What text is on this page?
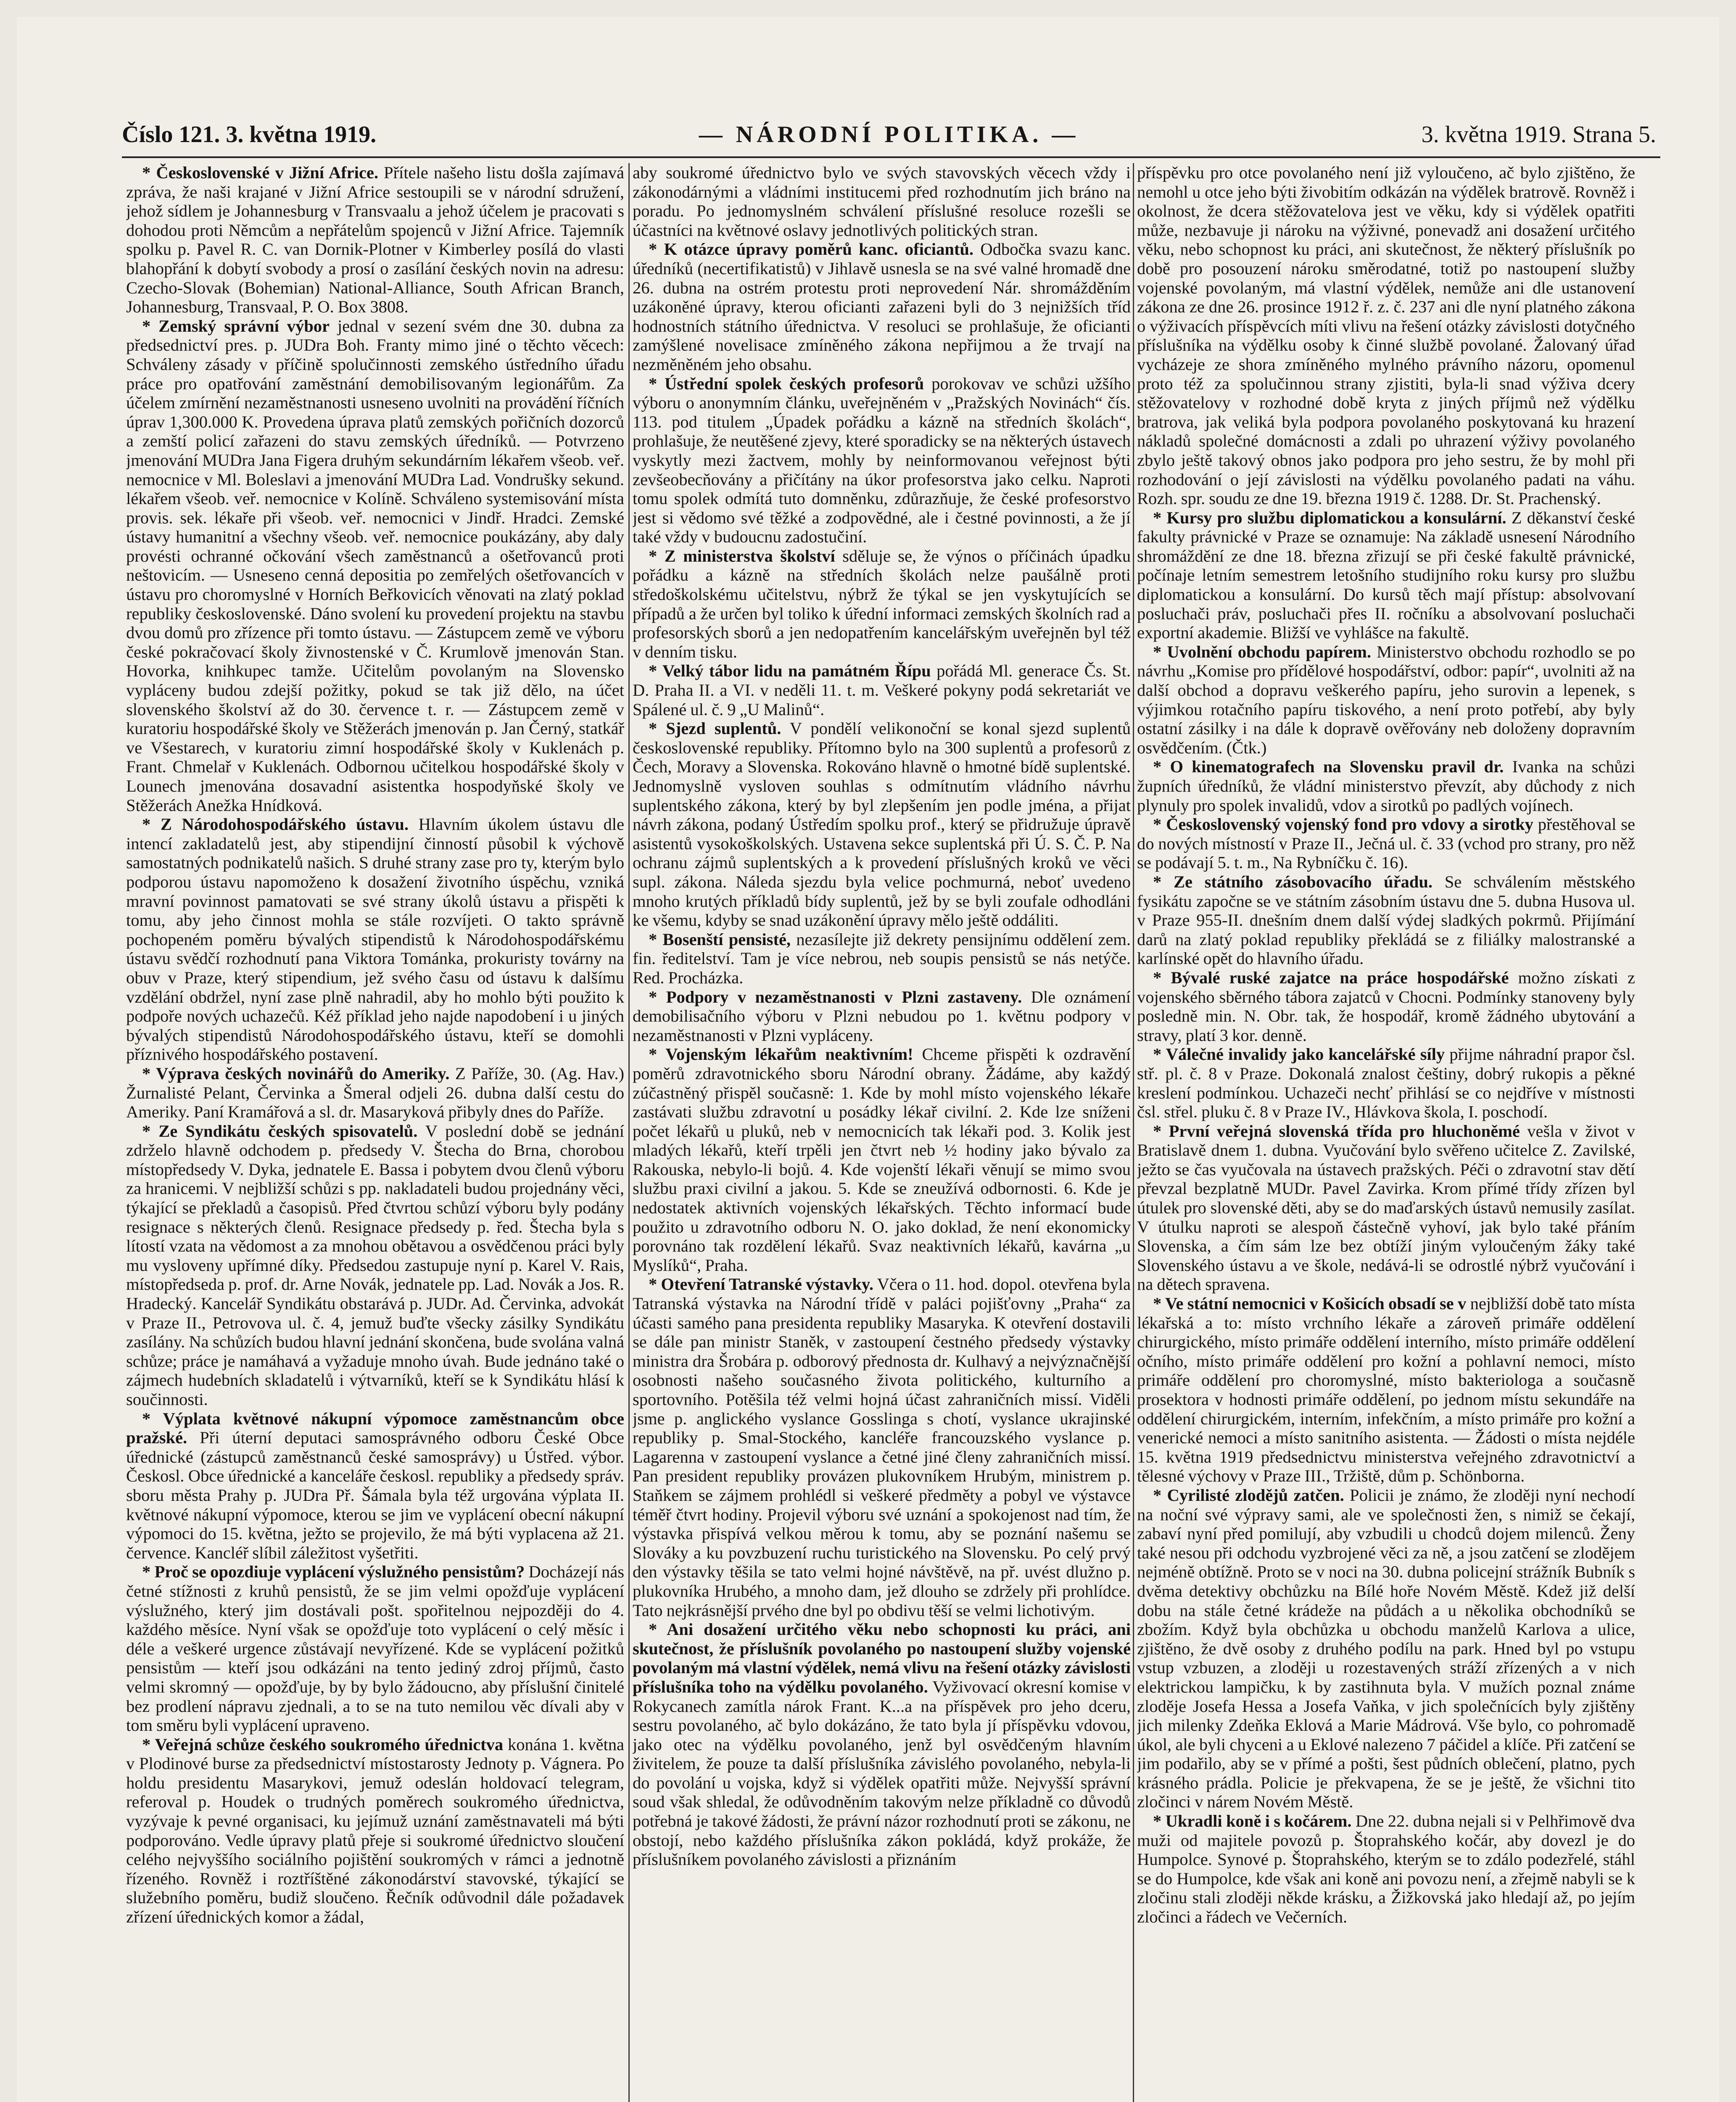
Číslo 121. 3. května 1919.	— NÁRODNÍ POLITIKA. —	3. května 1919. Strana 5.

* Československé v Jižní Africe. Přítele našeho listu došla zajímavá zpráva, že naši krajané v Jižní Africe sestoupili se v národní sdružení, jehož sídlem je Johannesburg v Transvaalu a jehož účelem je pracovati s dohodou proti Němcům a nepřátelům spojenců v Jižní Africe. Tajemník spolku p. Pavel R. C. van Dornik-Plotner v Kimberley posílá do vlasti blahopřání k dobytí svobody a prosí o zasílání českých novin na adresu: Czecho-Slovak (Bohemian) National-Alliance, South African Branch, Johannesburg, Transvaal, P. O. Box 3808.

* Zemský správní výbor jednal v sezení svém dne 30. dubna za předsednictví pres. p. JUDra Boh. Franty mimo jiné o těchto věcech: Schváleny zásady v příčině spolučinnosti zemského ústředního úřadu práce pro opatřování zaměstnání demobilisovaným legionářům. Za účelem zmírnění nezaměstnanosti usneseno uvolniti na provádění říčních úprav 1,300.000 K. Provedena úprava platů zemských pořičních dozorců a zemští policí zařazeni do stavu zemských úředníků. — Potvrzeno jmenování MUDra Jana Figera druhým sekundárním lékařem všeob. veř. nemocnice v Ml. Boleslavi a jmenování MUDra Lad. Vondrušky sekund. lékařem všeob. veř. nemocnice v Kolíně. Schváleno systemisování místa provis. sek. lékaře při všeob. veř. nemocnici v Jindř. Hradci. Zemské ústavy humanitní a všechny všeob. veř. nemocnice poukázány, aby daly provésti ochranné očkování všech zaměstnanců a ošetřovanců proti neštovicím. — Usneseno cenná depositia po zemřelých ošetřovancích v ústavu pro choromyslné v Horních Beřkovicích věnovati na zlatý poklad republiky československé. Dáno svolení ku provedení projektu na stavbu dvou domů pro zřízence při tomto ústavu. — Zástupcem země ve výboru české pokračovací školy živnostenské v Č. Krumlově jmenován Stan. Hovorka, knihkupec tamže. Učitelům povolaným na Slovensko vypláceny budou zdejší požitky, pokud se tak již dělo, na účet slovenského školství až do 30. července t. r. — Zástupcem země v kuratoriu hospodářské školy ve Stěžerách jmenován p. Jan Černý, statkář ve Všestarech, v kuratoriu zimní hospodářské školy v Kuklenách p. Frant. Chmelař v Kuklenách. Odbornou učitelkou hospodářské školy v Lounech jmenována dosavadní asistentka hospodyňské školy ve Stěžerách Anežka Hnídková.

* Z Národohospodářského ústavu. Hlavním úkolem ústavu dle intencí zakladatelů jest, aby stipendijní činností působil k výchově samostatných podnikatelů našich. S druhé strany zase pro ty, kterým bylo podporou ústavu napomoženo k dosažení životního úspěchu, vzniká mravní povinnost pamatovati se své strany úkolů ústavu a přispěti k tomu, aby jeho činnost mohla se stále rozvíjeti. O takto správně pochopeném poměru bývalých stipendistů k Národohospodářskému ústavu svědčí rozhodnutí pana Viktora Tománka, prokuristy továrny na obuv v Praze, který stipendium, jež svého času od ústavu k dalšímu vzdělání obdržel, nyní zase plně nahradil, aby ho mohlo býti použito k podpoře nových uchazečů. Kéž příklad jeho najde napodobení i u jiných bývalých stipendistů Národohospodářského ústavu, kteří se domohli příznivého hospodářského postavení.

* Výprava českých novinářů do Ameriky. Z Paříže, 30. (Ag. Hav.) Žurnalisté Pelant, Červinka a Šmeral odjeli 26. dubna další cestu do Ameriky. Paní Kramářová a sl. dr. Masaryková přibyly dnes do Paříže.

* Ze Syndikátu českých spisovatelů. V poslední době se jednání zdrželo hlavně odchodem p. předsedy V. Štecha do Brna, chorobou místopředsedy V. Dyka, jednatele E. Bassa i pobytem dvou členů výboru za hranicemi. V nejbližší schůzi s pp. nakladateli budou projednány věci, týkající se překladů a časopisů. Před čtvrtou schůzí výboru byly podány resignace s některých členů. Resignace předsedy p. řed. Štecha byla s lítostí vzata na vědomost a za mnohou obětavou a osvědčenou práci byly mu vysloveny upřímné díky. Předsedou zastupuje nyní p. Karel V. Rais, místopředseda p. prof. dr. Arne Novák, jednatele pp. Lad. Novák a Jos. R. Hradecký. Kancelář Syndikátu obstarává p. JUDr. Ad. Červinka, advokát v Praze II., Petrovova ul. č. 4, jemuž buďte všecky zásilky Syndikátu zasílány. Na schůzích budou hlavní jednání skončena, bude svolána valná schůze; práce je namáhavá a vyžaduje mnoho úvah. Bude jednáno také o zájmech hudebních skladatelů i výtvarníků, kteří se k Syndikátu hlásí k součinnosti.

* Výplata květnové nákupní výpomoce zaměstnancům obce pražské. Při úterní deputaci samosprávného odboru České Obce úřednické (zástupců zaměstnanců české samosprávy) u Ústřed. výbor. Českosl. Obce úřednické a kanceláře českosl. republiky a předsedy správ. sboru města Prahy p. JUDra Př. Šámala byla též urgována výplata II. květnové nákupní výpomoce, kterou se jim ve vyplácení obecní nákupní výpomoci do 15. května, ježto se projevilo, že má býti vyplacena až 21. července. Kancléř slíbil záležitost vyšetřiti.

* Proč se opozdiuje vyplácení výslužného pensistům? Docházejí nás četné stížnosti z kruhů pensistů, že se jim velmi opožďuje vyplácení výslužného, který jim dostávali pošt. spořitelnou nejpozději do 4. každého měsíce. Nyní však se opožďuje toto vyplácení o celý měsíc i déle a veškeré urgence zůstávají nevyřízené. Kde se vyplácení požitků pensistům — kteří jsou odkázáni na tento jediný zdroj příjmů, často velmi skromný — opožďuje, by by bylo žádoucno, aby příslušní činitelé bez prodlení nápravu zjednali, a to se na tuto nemilou věc dívali aby v tom směru byli vyplácení upraveno.

* Veřejná schůze českého soukromého úřednictva konána 1. května v Plodinové burse za předsednictví místostarosty Jednoty p. Vágnera. Po holdu presidentu Masarykovi, jemuž odeslán holdovací telegram, referoval p. Houdek o trudných poměrech soukromého úřednictva, vyzývaje k pevné organisaci, ku jejímuž uznání zaměstnavateli má býti podporováno. Vedle úpravy platů přeje si soukromé úřednictvo sloučení celého nejvyššího sociálního pojištění soukromých v rámci a jednotně řízeného. Rovněž i roztříštěné zákonodárství stavovské, týkající se služebního poměru, budiž sloučeno. Řečník odůvodnil dále požadavek zřízení úřednických komor a žádal,

aby soukromé úřednictvo bylo ve svých stavovských věcech vždy i zákonodárnými a vládními institucemi před rozhodnutím jich bráno na poradu. Po jednomyslném schválení příslušné resoluce rozešli se účastníci na květnové oslavy jednotlivých politických stran.

* K otázce úpravy poměrů kanc. oficiantů. Odbočka svazu kanc. úředníků (necertifikatistů) v Jihlavě usnesla se na své valné hromadě dne 26. dubna na ostrém protestu proti neprovedení Nár. shromážděním uzákoněné úpravy, kterou oficianti zařazeni byli do 3 nejnižších tříd hodnostních státního úřednictva. V resoluci se prohlašuje, že oficianti zamýšlené novelisace zmíněného zákona nepřijmou a že trvají na nezměněném jeho obsahu.

* Ústřední spolek českých profesorů porokovav ve schůzi užšího výboru o anonymním článku, uveřejněném v „Pražských Novinách“ čís. 113. pod titulem „Úpadek pořádku a kázně na středních školách“, prohlašuje, že neutěšené zjevy, které sporadicky se na některých ústavech vyskytly mezi žactvem, mohly by neinformovanou veřejnost býti zevšeobecňovány a přičítány na úkor profesorstva jako celku. Naproti tomu spolek odmítá tuto domněnku, zdůrazňuje, že české profesorstvo jest si vědomo své těžké a zodpovědné, ale i čestné povinnosti, a že jí také vždy v budoucnu zadostučiní.

* Z ministerstva školství sděluje se, že výnos o příčinách úpadku pořádku a kázně na středních školách nelze paušálně proti středoškolskému učitelstvu, nýbrž že týkal se jen vyskytujících se případů a že určen byl toliko k úřední informaci zemských školních rad a profesorských sborů a jen nedopatřením kancelářským uveřejněn byl též v denním tisku.

* Velký tábor lidu na památném Řípu pořádá Ml. generace Čs. St. D. Praha II. a VI. v neděli 11. t. m. Veškeré pokyny podá sekretariát ve Spálené ul. č. 9 „U Malinů“.

* Sjezd suplentů. V pondělí velikonoční se konal sjezd suplentů československé republiky. Přítomno bylo na 300 suplentů a profesorů z Čech, Moravy a Slovenska. Rokováno hlavně o hmotné bídě suplentské. Jednomyslně vysloven souhlas s odmítnutím vládního návrhu suplentského zákona, který by byl zlepšením jen podle jména, a přijat návrh zákona, podaný Ústředím spolku prof., který se přidružuje úpravě asistentů vysokoškolských. Ustavena sekce suplentská při Ú. S. Č. P. Na ochranu zájmů suplentských a k provedení příslušných kroků ve věci supl. zákona. Náleda sjezdu byla velice pochmurná, neboť uvedeno mnoho krutých příkladů bídy suplentů, jež by se byli zoufale odhodláni ke všemu, kdyby se snad uzákonění úpravy mělo ještě oddáliti.

* Bosenští pensisté, nezasílejte již dekrety pensijnímu oddělení zem. fin. ředitelství. Tam je více nebrou, neb soupis pensistů se nás netýče. Red. Procházka.

* Podpory v nezaměstnanosti v Plzni zastaveny. Dle oznámení demobilisačního výboru v Plzni nebudou po 1. květnu podpory v nezaměstnanosti v Plzni vypláceny.

* Vojenským lékařům neaktivním! Chceme přispěti k ozdravění poměrů zdravotnického sboru Národní obrany. Žádáme, aby každý zúčastněný přispěl současně: 1. Kde by mohl místo vojenského lékaře zastávati službu zdravotní u posádky lékař civilní. 2. Kde lze sníženi počet lékařů u pluků, neb v nemocnicích tak lékaři pod. 3. Kolik jest mladých lékařů, kteří trpěli jen čtvrt neb ½ hodiny jako bývalo za Rakouska, nebylo-li bojů. 4. Kde vojenští lékaři věnují se mimo svou službu praxi civilní a jakou. 5. Kde se zneužívá odbornosti. 6. Kde je nedostatek aktivních vojenských lékařských. Těchto informací bude použito u zdravotního odboru N. O. jako doklad, že není ekonomicky porovnáno tak rozdělení lékařů. Svaz neaktivních lékařů, kavárna „u Myslíků“, Praha.

* Otevření Tatranské výstavky. Včera o 11. hod. dopol. otevřena byla Tatranská výstavka na Národní třídě v paláci pojišťovny „Praha“ za účasti samého pana presidenta republiky Masaryka. K otevření dostavili se dále pan ministr Staněk, v zastoupení čestného předsedy výstavky ministra dra Šrobára p. odborový přednosta dr. Kulhavý a nejvýznačnější osobnosti našeho současného života politického, kulturního a sportovního. Potěšila též velmi hojná účast zahraničních missí. Viděli jsme p. anglického vyslance Gosslinga s chotí, vyslance ukrajinské republiky p. Smal-Stockého, kancléře francouzského vyslance p. Lagarenna v zastoupení vyslance a četné jiné členy zahraničních missí. Pan president republiky provázen plukovníkem Hrubým, ministrem p. Staňkem se zájmem prohlédl si veškeré předměty a pobyl ve výstavce téměř čtvrt hodiny. Projevil výboru své uznání a spokojenost nad tím, že výstavka přispívá velkou měrou k tomu, aby se poznání našemu se Slováky a ku povzbuzení ruchu turistického na Slovensku. Po celý prvý den výstavky těšila se tato velmi hojné návštěvě, na př. uvést dlužno p. plukovníka Hrubého, a mnoho dam, jež dlouho se zdržely při prohlídce. Tato nejkrásnější prvého dne byl po obdivu těší se velmi lichotivým.

* Ani dosažení určitého věku nebo schopnosti ku práci, ani skutečnost, že příslušník povolaného po nastoupení služby vojenské povolaným má vlastní výdělek, nemá vlivu na řešení otázky závislosti příslušníka toho na výdělku povolaného. Vyživovací okresní komise v Rokycanech zamítla nárok Frant. K...a na příspěvek pro jeho dceru, sestru povolaného, ač bylo dokázáno, že tato byla jí příspěvku vdovou, jako otec na výdělku povolaného, jenž byl osvědčeným hlavním živitelem, že pouze ta další příslušníka závislého povolaného, nebyla-li do povolání u vojska, když si výdělek opatřiti může. Nejvyšší správní soud však shledal, že odůvodněním takovým nelze příkladně co důvodů potřebná je takové žádosti, že právní názor rozhodnutí proti se zákonu, ne obstojí, nebo každého příslušníka zákon pokládá, když prokáže, že příslušníkem povolaného závislosti a přiznáním

příspěvku pro otce povolaného není již vyloučeno, ač bylo zjištěno, že nemohl u otce jeho býti živobitím odkázán na výdělek bratrově. Rovněž i okolnost, že dcera stěžovatelova jest ve věku, kdy si výdělek opatřiti může, nezbavuje ji nároku na výživné, ponevadž ani dosažení určitého věku, nebo schopnost ku práci, ani skutečnost, že některý příslušník po době pro posouzení nároku směrodatné, totiž po nastoupení služby vojenské povolaným, má vlastní výdělek, nemůže ani dle ustanovení zákona ze dne 26. prosince 1912 ř. z. č. 237 ani dle nyní platného zákona o výživacích příspěvcích míti vlivu na řešení otázky závislosti dotyčného příslušníka na výdělku osoby k činné službě povolané. Žalovaný úřad vycházeje ze shora zmíněného mylného právního názoru, opomenul proto též za spolučinnou strany zjistiti, byla-li snad výživa dcery stěžovatelovy v rozhodné době kryta z jiných příjmů než výdělku bratrova, jak veliká byla podpora povolaného poskytovaná ku hrazení nákladů společné domácnosti a zdali po uhrazení výživy povolaného zbylo ještě takový obnos jako podpora pro jeho sestru, že by mohl při rozhodování o její závislosti na výdělku povolaného padati na váhu. Rozh. spr. soudu ze dne 19. března 1919 č. 1288. Dr. St. Prachenský.

* Kursy pro službu diplomatickou a konsulární. Z děkanství české fakulty právnické v Praze se oznamuje: Na základě usnesení Národního shromáždění ze dne 18. března zřizují se při české fakultě právnické, počínaje letním semestrem letošního studijního roku kursy pro službu diplomatickou a konsulární. Do kursů těch mají přístup: absolvovaní posluchači práv, posluchači přes II. ročníku a absolvovaní posluchači exportní akademie. Bližší ve vyhlášce na fakultě.

* Uvolnění obchodu papírem. Ministerstvo obchodu rozhodlo se po návrhu „Komise pro přídělové hospodářství, odbor: papír“, uvolniti až na další obchod a dopravu veškerého papíru, jeho surovin a lepenek, s výjimkou rotačního papíru tiskového, a není proto potřebí, aby byly ostatní zásilky i na dále k dopravě ověřovány neb doloženy dopravním osvědčením. (Čtk.)

* O kinematografech na Slovensku pravil dr. Ivanka na schůzi župních úředníků, že vládní ministerstvo převzít, aby důchody z nich plynuly pro spolek invalidů, vdov a sirotků po padlých vojínech.

* Československý vojenský fond pro vdovy a sirotky přestěhoval se do nových místností v Praze II., Ječná ul. č. 33 (vchod pro strany, pro něž se podávají 5. t. m., Na Rybníčku č. 16).

* Ze státního zásobovacího úřadu. Se schválením městského fysikátu započne se ve státním zásobním ústavu dne 5. dubna Husova ul. v Praze 955-II. dnešním dnem další výdej sladkých pokrmů. Přijímání darů na zlatý poklad republiky překládá se z filiálky malostranské a karlínské opět do hlavního úřadu.

* Bývalé ruské zajatce na práce hospodářské možno získati z vojenského sběrného tábora zajatců v Chocni. Podmínky stanoveny byly posledně min. N. Obr. tak, že hospodář, kromě žádného ubytování a stravy, platí 3 kor. denně.

* Válečné invalidy jako kancelářské síly přijme náhradní prapor čsl. stř. pl. č. 8 v Praze. Dokonalá znalost češtiny, dobrý rukopis a pěkné kreslení podmínkou. Uchazeči nechť přihlásí se co nejdříve v místnosti čsl. střel. pluku č. 8 v Praze IV., Hlávkova škola, I. poschodí.

* První veřejná slovenská třída pro hluchoněmé vešla v život v Bratislavě dnem 1. dubna. Vyučování bylo svěřeno učitelce Z. Zavilské, ježto se čas vyučovala na ústavech pražských. Péči o zdravotní stav dětí převzal bezplatně MUDr. Pavel Zavirka. Krom přímé třídy zřízen byl útulek pro slovenské děti, aby se do maďarských ústavů nemusily zasílat. V útulku naproti se alespoň částečně vyhoví, jak bylo také přáním Slovenska, a čím sám lze bez obtíží jiným vyloučeným žáky také Slovenského ústavu a ve škole, nedává-li se odrostlé nýbrž vyučování i na dětech spravena.

* Ve státní nemocnici v Košicích obsadí se v nejbližší době tato místa lékařská a to: místo vrchního lékaře a zároveň primáře oddělení chirurgického, místo primáře oddělení interního, místo primáře oddělení očního, místo primáře oddělení pro kožní a pohlavní nemoci, místo primáře oddělení pro choromyslné, místo bakteriologa a současně prosektora v hodnosti primáře oddělení, po jednom místu sekundáře na oddělení chirurgickém, interním, infekčním, a místo primáře pro kožní a venerické nemoci a místo sanitního asistenta. — Žádosti o místa nejdéle 15. května 1919 předsednictvu ministerstva veřejného zdravotnictví a tělesné výchovy v Praze III., Tržiště, dům p. Schönborna.

* Cyrilisté zlodějů zatčen. Policii je známo, že zloději nyní nechodí na noční své výpravy sami, ale ve společnosti žen, s nimiž se čekají, zabaví nyní před pomilují, aby vzbudili u chodců dojem milenců. Ženy také nesou při odchodu vyzbrojené věci za ně, a jsou zatčení se zlodějem nejméně obtížně. Proto se v noci na 30. dubna policejní strážník Bubník s dvěma detektivy obchůzku na Bílé hoře Novém Městě. Kdež již delší dobu na stále četné krádeže na půdách a u několika obchodníků se zbožím. Když byla obchůzka u obchodu manželů Karlova a ulice, zjištěno, že dvě osoby z druhého podílu na park. Hned byl po vstupu vstup vzbuzen, a zloději u rozestavených stráží zřízených a v nich elektrickou lampičku, k by zastihnuta byla. V mužích poznal známe zloděje Josefa Hessa a Josefa Vaňka, v jich společnících byly zjištěny jich milenky Zdeňka Eklová a Marie Mádrová. Vše bylo, co pohromadě úkol, ale byli chyceni a u Eklové nalezeno 7 páčidel a klíče. Při zatčení se jim podařilo, aby se v přímé a pošti, šest půdních oblečení, platno, pych krásného prádla. Policie je překvapena, že se je ještě, že všichni tito zločinci v nárem Novém Městě.

* Ukradli koně i s kočárem. Dne 22. dubna nejali si v Pelhřimově dva muži od majitele povozů p. Štoprahského kočár, aby dovezl je do Humpolce. Synové p. Štoprahského, kterým se to zdálo podezřelé, stáhl se do Humpolce, kde však ani koně ani povozu není, a zřejmě nabyli se k zločinu stali zloději někde krásku, a Žižkovská jako hledají až, po jejím zločinci a řádech ve Večerních.
